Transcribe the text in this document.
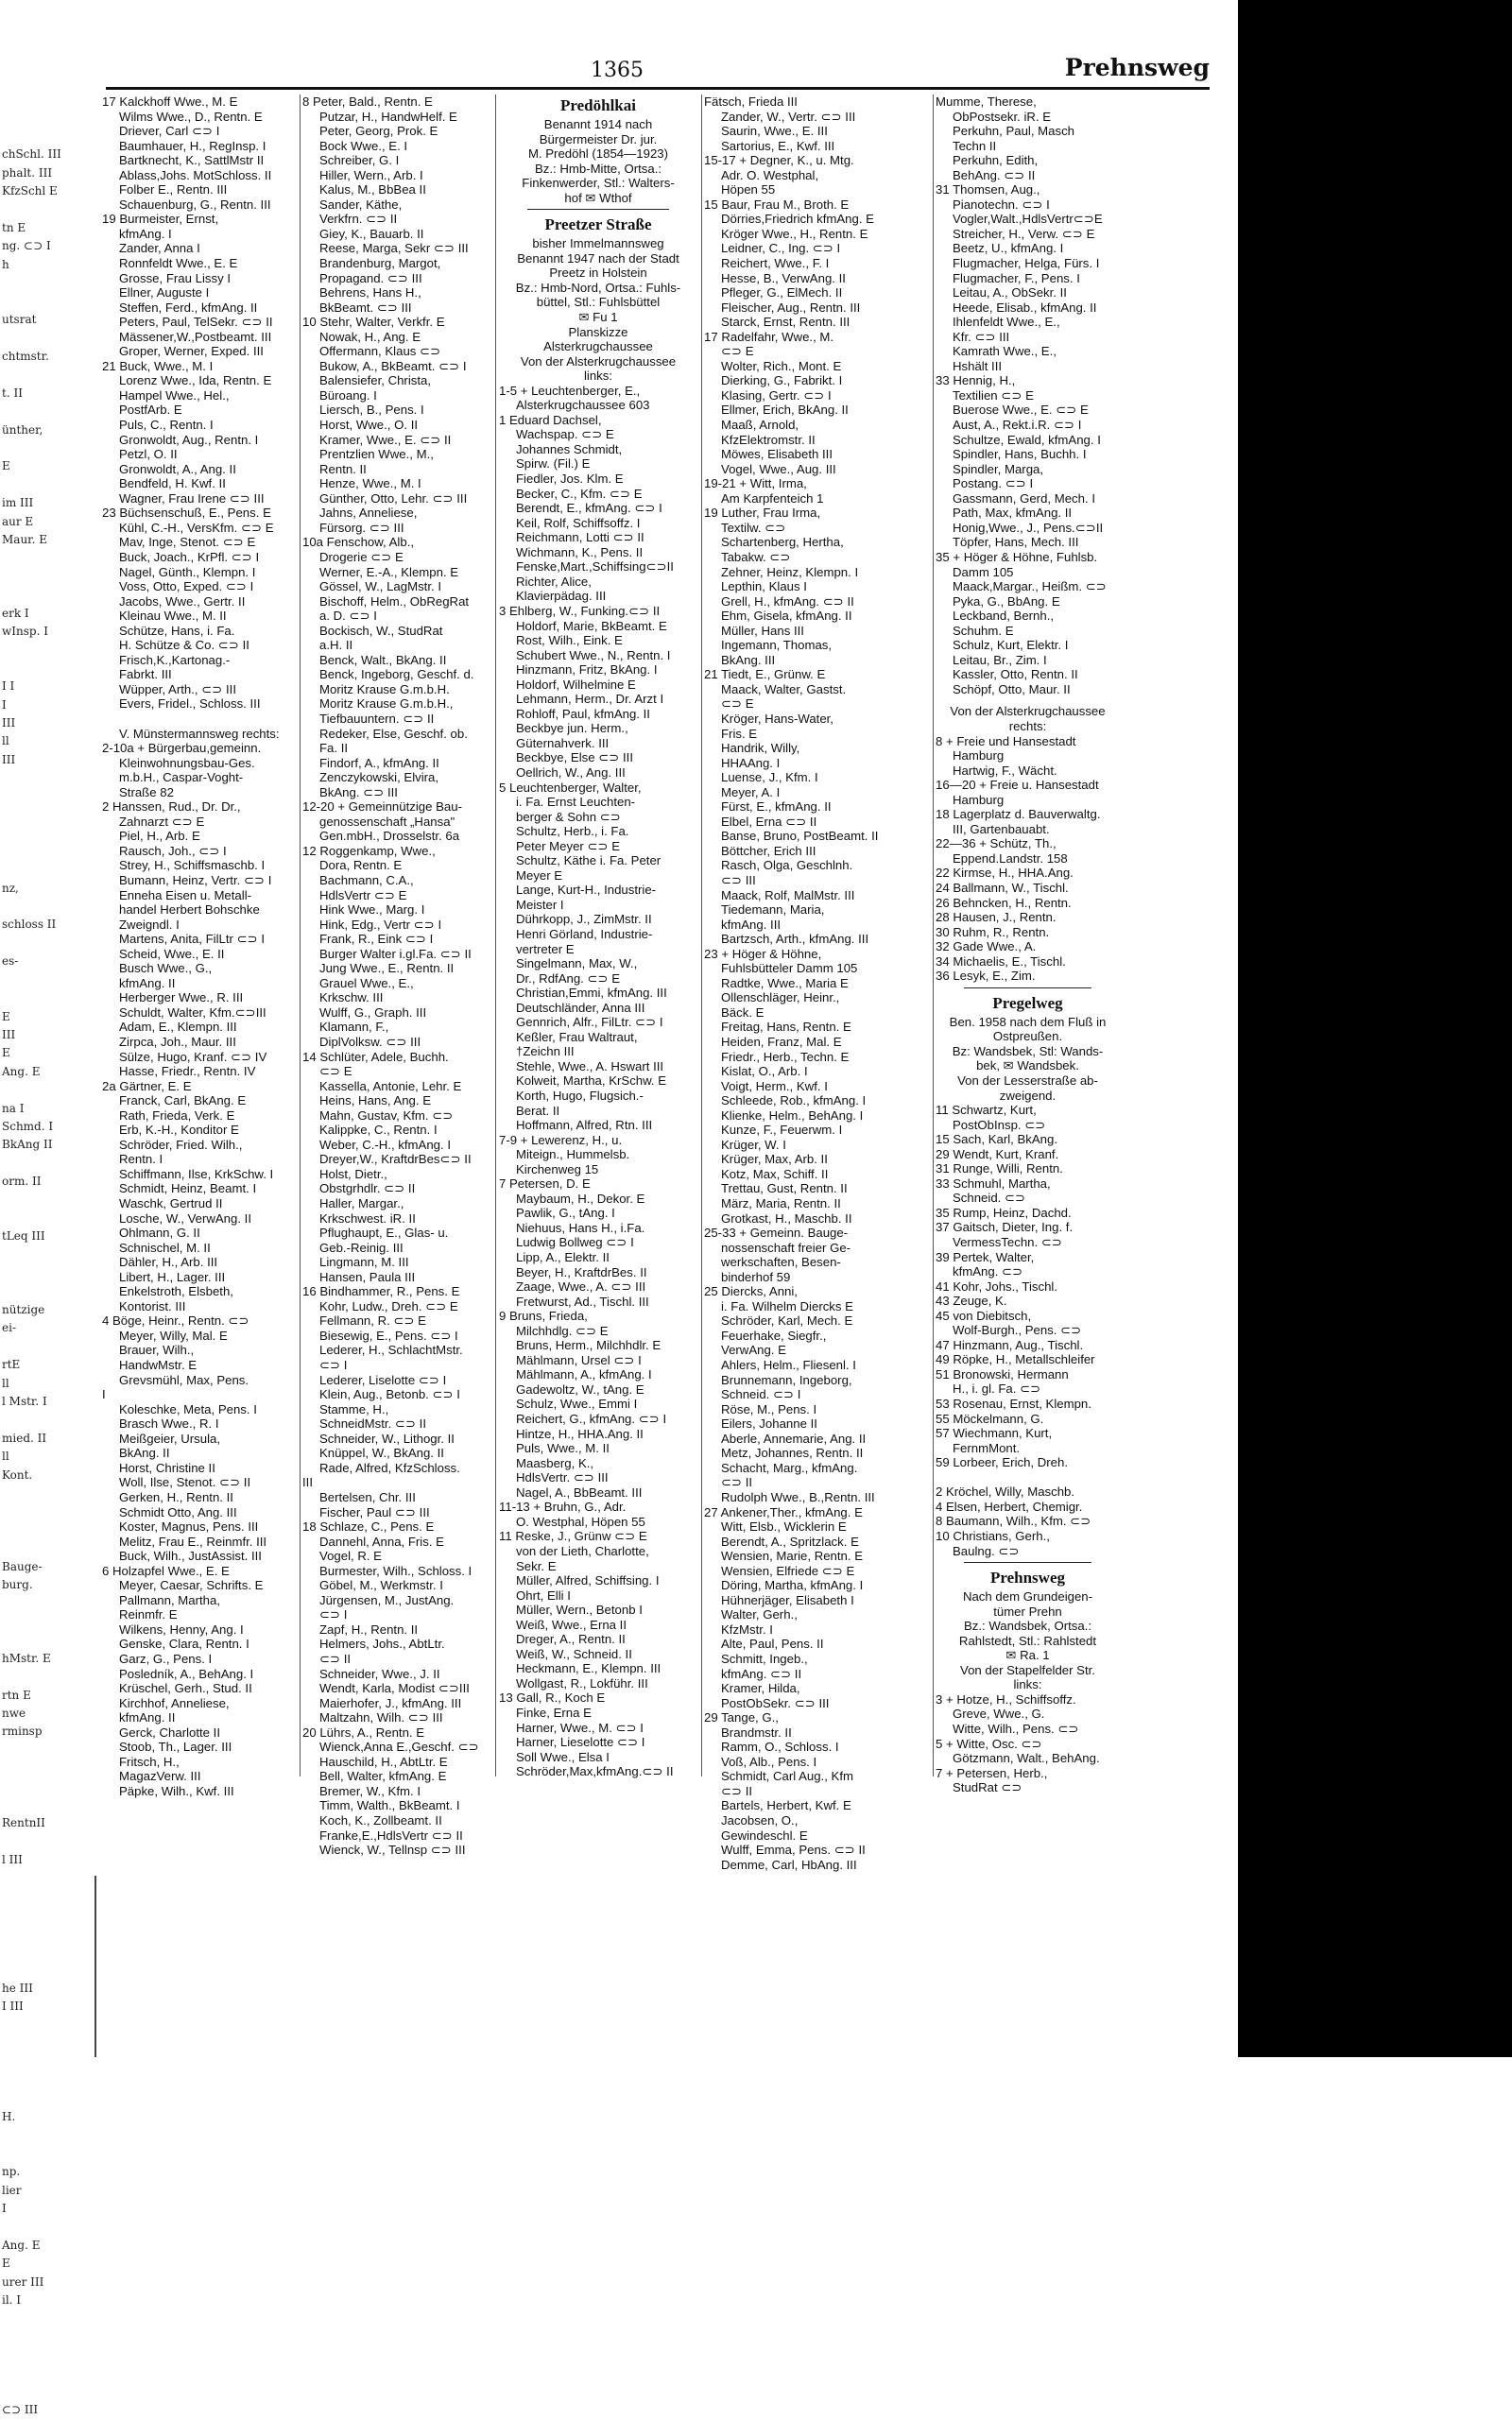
chSchl. III
phalt. III
KfzSchl E

tn E
ng. ⊂⊃ I
h

utsrat

chtmstr.

t. II

ünther,

E

im III
aur E
Maur. E

erk I
wInsp. I

I I
I
III
ll
III

nz,

schloss II

es-

E
III
E
Ang. E

na I
Schmd. I
BkAng II

orm. II

tLeq III

nützige
ei-

rtE
ll
l Mstr. I

mied. II
ll
Kont.

Bauge-
burg.

hMstr. E

rtn E
nwe
rminsp

RentnII

l III

he III
I III

H.

np.
lier
I

Ang. E
E
urer III
il. I

⊂⊃ III
1365	Prehnsweg
17 Kalckhoff Wwe., M. E
Wilms Wwe., D., Rentn. E
Driever, Carl ⊂⊃ I
Baumhauer, H., RegInsp. I
Bartknecht, K., SattlMstr II
Ablass,Johs. MotSchloss. II
Folber E., Rentn. III
Schauenburg, G., Rentn. III
19 Burmeister, Ernst,
kfmAng. I
Zander, Anna I
Ronnfeldt Wwe., E. E
Grosse, Frau Lissy I
Ellner, Auguste I
Steffen, Ferd., kfmAng. II
Peters, Paul, TelSekr. ⊂⊃ II
Mässener,W.,Postbeamt. III
Groper, Werner, Exped. III
21 Buck, Wwe., M. I
Lorenz Wwe., Ida, Rentn. E
Hampel Wwe., Hel.,
PostfArb. E
Puls, C., Rentn. I
Gronwoldt, Aug., Rentn. I
Petzl, O. II
Gronwoldt, A., Ang. II
Bendfeld, H. Kwf. II
Wagner, Frau Irene ⊂⊃ III
23 Büchsenschuß, E., Pens. E
Kühl, C.-H., VersKfm. ⊂⊃ E
Mav, Inge, Stenot. ⊂⊃ E
Buck, Joach., KrPfl. ⊂⊃ I
Nagel, Günth., Klempn. I
Voss, Otto, Exped. ⊂⊃ I
Jacobs, Wwe., Gertr. II
Kleinau Wwe., M. II
Schütze, Hans, i. Fa.
H. Schütze & Co. ⊂⊃ II
Frisch,K.,Kartonag.-
Fabrkt. III
Wüpper, Arth., ⊂⊃ III
Evers, Fridel., Schloss. III

V. Münstermannsweg rechts:
2-10a + Bürgerbau,gemeinn.
Kleinwohnungsbau-Ges.
m.b.H., Caspar-Voght-
Straße 82
2 Hanssen, Rud., Dr. Dr.,
Zahnarzt ⊂⊃ E
Piel, H., Arb. E
Rausch, Joh., ⊂⊃ I
Strey, H., Schiffsmaschb. I
Bumann, Heinz, Vertr. ⊂⊃ I
Enneha Eisen u. Metall-
handel Herbert Bohschke
Zweigndl. I
Martens, Anita, FilLtr ⊂⊃ I
Scheid, Wwe., E. II
Busch Wwe., G.,
kfmAng. II
Herberger Wwe., R. III
Schuldt, Walter, Kfm.⊂⊃III
Adam, E., Klempn. III
Zirpca, Joh., Maur. III
Sülze, Hugo, Kranf. ⊂⊃ IV
Hasse, Friedr., Rentn. IV
2a Gärtner, E. E
Franck, Carl, BkAng. E
Rath, Frieda, Verk. E
Erb, K.-H., Konditor E
Schröder, Fried. Wilh.,
Rentn. I
Schiffmann, Ilse, KrkSchw. I
Schmidt, Heinz, Beamt. I
Waschk, Gertrud II
Losche, W., VerwAng. II
Ohlmann, G. II
Schnischel, M. II
Dähler, H., Arb. III
Libert, H., Lager. III
Enkelstroth, Elsbeth,
Kontorist. III
4 Böge, Heinr., Rentn. ⊂⊃
Meyer, Willy, Mal. E
Brauer, Wilh.,
HandwMstr. E
Grevsmühl, Max, Pens.
I
Koleschke, Meta, Pens. I
Brasch Wwe., R. I
Meißgeier, Ursula,
BkAng. II
Horst, Christine II
Woll, Ilse, Stenot. ⊂⊃ II
Gerken, H., Rentn. II
Schmidt Otto, Ang. III
Koster, Magnus, Pens. III
Melitz, Frau E., Reinmfr. III
Buck, Wilh., JustAssist. III
6 Holzapfel Wwe., E. E
Meyer, Caesar, Schrifts. E
Pallmann, Martha,
Reinmfr. E
Wilkens, Henny, Ang. I
Genske, Clara, Rentn. I
Garz, G., Pens. I
Posledník, A., BehAng. I
Krüschel, Gerh., Stud. II
Kirchhof, Anneliese,
kfmAng. II
Gerck, Charlotte II
Stoob, Th., Lager. III
Fritsch, H.,
MagazVerw. III
Päpke, Wilh., Kwf. III
8 Peter, Bald., Rentn. E
Putzar, H., HandwHelf. E
Peter, Georg, Prok. E
Bock Wwe., E. I
Schreiber, G. I
Hiller, Wern., Arb. I
Kalus, M., BbBea II
Sander, Käthe,
Verkfrn. ⊂⊃ II
Giey, K., Bauarb. II
Reese, Marga, Sekr ⊂⊃ III
Brandenburg, Margot,
Propagand. ⊂⊃ III
Behrens, Hans H.,
BkBeamt. ⊂⊃ III
10 Stehr, Walter, Verkfr. E
Nowak, H., Ang. E
Offermann, Klaus ⊂⊃
Bukow, A., BkBeamt. ⊂⊃ I
Balensiefer, Christa,
Büroang. I
Liersch, B., Pens. I
Horst, Wwe., O. II
Kramer, Wwe., E. ⊂⊃ II
Prentzlien Wwe., M.,
Rentn. II
Henze, Wwe., M. I
Günther, Otto, Lehr. ⊂⊃ III
Jahns, Anneliese,
Fürsorg. ⊂⊃ III
10a Fenschow, Alb.,
Drogerie ⊂⊃ E
Werner, E.-A., Klempn. E
Gössel, W., LagMstr. I
Bischoff, Helm., ObRegRat
a. D. ⊂⊃ I
Bockisch, W., StudRat
a.H. II
Benck, Walt., BkAng. II
Benck, Ingeborg, Geschf. d.
Moritz Krause G.m.b.H.
Moritz Krause G.m.b.H.,
Tiefbauuntern. ⊂⊃ II
Redeker, Else, Geschf. ob.
Fa. II
Findorf, A., kfmAng. II
Zenczykowski, Elvira,
BkAng. ⊂⊃ III
12-20 + Gemeinnützige Bau-
genossenschaft „Hansa"
Gen.mbH., Drosselstr. 6a
12 Roggenkamp, Wwe.,
Dora, Rentn. E
Bachmann, C.A.,
HdlsVertr ⊂⊃ E
Hink Wwe., Marg. I
Hink, Edg., Vertr ⊂⊃ I
Frank, R., Eink ⊂⊃ I
Burger Walter i.gl.Fa. ⊂⊃ II
Jung Wwe., E., Rentn. II
Grauel Wwe., E.,
Krkschw. III
Wulff, G., Graph. III
Klamann, F.,
DiplVolksw. ⊂⊃ III
14 Schlüter, Adele, Buchh.
⊂⊃ E
Kassella, Antonie, Lehr. E
Heins, Hans, Ang. E
Mahn, Gustav, Kfm. ⊂⊃
Kalippke, C., Rentn. I
Weber, C.-H., kfmAng. I
Dreyer,W., KraftdrBes⊂⊃ II
Holst, Dietr.,
Obstgrhdlr. ⊂⊃ II
Haller, Margar.,
Krkschwest. iR. II
Pflughaupt, E., Glas- u.
Geb.-Reinig. III
Lingmann, M. III
Hansen, Paula III
16 Bindhammer, R., Pens. E
Kohr, Ludw., Dreh. ⊂⊃ E
Fellmann, R. ⊂⊃ E
Biesewig, E., Pens. ⊂⊃ I
Lederer, H., SchlachtMstr.
⊂⊃ I
Lederer, Liselotte ⊂⊃ I
Klein, Aug., Betonb. ⊂⊃ I
Stamme, H.,
SchneidMstr. ⊂⊃ II
Schneider, W., Lithogr. II
Knüppel, W., BkAng. II
Rade, Alfred, KfzSchloss.
III
Bertelsen, Chr. III
Fischer, Paul ⊂⊃ III
18 Schlaze, C., Pens. E
Dannehl, Anna, Fris. E
Vogel, R. E
Burmester, Wilh., Schloss. I
Göbel, M., Werkmstr. I
Jürgensen, M., JustAng.
⊂⊃ I
Zapf, H., Rentn. II
Helmers, Johs., AbtLtr.
⊂⊃ II
Schneider, Wwe., J. II
Wendt, Karla, Modist ⊂⊃III
Maierhofer, J., kfmAng. III
Maltzahn, Wilh. ⊂⊃ III
20 Lührs, A., Rentn. E
Wienck,Anna E.,Geschf. ⊂⊃
Hauschild, H., AbtLtr. E
Bell, Walter, kfmAng. E
Bremer, W., Kfm. I
Timm, Walth., BkBeamt. I
Koch, K., Zollbeamt. II
Franke,E.,HdlsVertr ⊂⊃ II
Wienck, W., Tellnsp ⊂⊃ III
Predöhlkai
Benannt 1914 nach
Bürgermeister Dr. jur.
M. Predöhl (1854—1923)
Bz.: Hmb-Mitte, Ortsa.:
Finkenwerder, Stl.: Walters-
hof ✉ Wthof
Preetzer Straße
bisher Immelmannsweg
Benannt 1947 nach der Stadt
Preetz in Holstein
Bz.: Hmb-Nord, Ortsa.: Fuhls-
büttel, Stl.: Fuhlsbüttel
✉ Fu 1
Planskizze
Alsterkrugchaussee
Von der Alsterkrugchaussee
links:
1-5 + Leuchtenberger, E.,
Alsterkrugchaussee 603
1 Eduard Dachsel,
Wachspap. ⊂⊃ E
Johannes Schmidt,
Spirw. (Fil.) E
Fiedler, Jos. Klm. E
Becker, C., Kfm. ⊂⊃ E
Berendt, E., kfmAng. ⊂⊃ I
Keil, Rolf, Schiffsoffz. I
Reichmann, Lotti ⊂⊃ II
Wichmann, K., Pens. II
Fenske,Mart.,Schiffsing⊂⊃II
Richter, Alice,
Klavierpädag. III
3 Ehlberg, W., Funking.⊂⊃ II
Holdorf, Marie, BkBeamt. E
Rost, Wilh., Eink. E
Schubert Wwe., N., Rentn. I
Hinzmann, Fritz, BkAng. I
Holdorf, Wilhelmine E
Lehmann, Herm., Dr. Arzt I
Rohloff, Paul, kfmAng. II
Beckbye jun. Herm.,
Güternahverk. III
Beckbye, Else ⊂⊃ III
Oellrich, W., Ang. III
5 Leuchtenberger, Walter,
i. Fa. Ernst Leuchten-
berger & Sohn ⊂⊃
Schultz, Herb., i. Fa.
Peter Meyer ⊂⊃ E
Schultz, Käthe i. Fa. Peter
Meyer E
Lange, Kurt-H., Industrie-
Meister I
Dührkopp, J., ZimMstr. II
Henri Görland, Industrie-
vertreter E
Singelmann, Max, W.,
Dr., RdfAng. ⊂⊃ E
Christian,Emmi, kfmAng. III
Deutschländer, Anna III
Gennrich, Alfr., FilLtr. ⊂⊃ I
Keßler, Frau Waltraut,
†Zeichn III
Stehle, Wwe., A. Hswart III
Kolweit, Martha, KrSchw. E
Korth, Hugo, Flugsich.-
Berat. II
Hoffmann, Alfred, Rtn. III
7-9 + Lewerenz, H., u.
Miteign., Hummelsb.
Kirchenweg 15
7 Petersen, D. E
Maybaum, H., Dekor. E
Pawlik, G., tAng. I
Niehuus, Hans H., i.Fa.
Ludwig Bollweg ⊂⊃ I
Lipp, A., Elektr. II
Beyer, H., KraftdrBes. II
Zaage, Wwe., A. ⊂⊃ III
Fretwurst, Ad., Tischl. III
9 Bruns, Frieda,
Milchhdlg. ⊂⊃ E
Bruns, Herm., Milchhdlr. E
Mählmann, Ursel ⊂⊃ I
Mählmann, A., kfmAng. I
Gadewoltz, W., tAng. E
Schulz, Wwe., Emmi I
Reichert, G., kfmAng. ⊂⊃ I
Hintze, H., HHA.Ang. II
Puls, Wwe., M. II
Maasberg, K.,
HdlsVertr. ⊂⊃ III
Nagel, A., BbBeamt. III
11-13 + Bruhn, G., Adr.
O. Westphal, Höpen 55
11 Reske, J., Grünw ⊂⊃ E
von der Lieth, Charlotte,
Sekr. E
Müller, Alfred, Schiffsing. I
Ohrt, Elli I
Müller, Wern., Betonb I
Weiß, Wwe., Erna II
Dreger, A., Rentn. II
Weiß, W., Schneid. II
Heckmann, E., Klempn. III
Wollgast, R., Lokführ. III
13 Gall, R., Koch E
Finke, Erna E
Harner, Wwe., M. ⊂⊃ I
Harner, Lieselotte ⊂⊃ I
Soll Wwe., Elsa I
Schröder,Max,kfmAng.⊂⊃ II
Fätsch, Frieda III
Zander, W., Vertr. ⊂⊃ III
Saurin, Wwe., E. III
Sartorius, E., Kwf. III
15-17 + Degner, K., u. Mtg.
Adr. O. Westphal,
Höpen 55
15 Baur, Frau M., Broth. E
Dörries,Friedrich kfmAng. E
Kröger Wwe., H., Rentn. E
Leidner, C., Ing. ⊂⊃ I
Reichert, Wwe., F. I
Hesse, B., VerwAng. II
Pfleger, G., ElMech. II
Fleischer, Aug., Rentn. III
Starck, Ernst, Rentn. III
17 Radelfahr, Wwe., M.
⊂⊃ E
Wolter, Rich., Mont. E
Dierking, G., Fabrikt. I
Klasing, Gertr. ⊂⊃ I
Ellmer, Erich, BkAng. II
Maaß, Arnold,
KfzElektromstr. II
Möwes, Elisabeth III
Vogel, Wwe., Aug. III
19-21 + Witt, Irma,
Am Karpfenteich 1
19 Luther, Frau Irma,
Textilw. ⊂⊃
Schartenberg, Hertha,
Tabakw. ⊂⊃
Zehner, Heinz, Klempn. I
Lepthin, Klaus I
Grell, H., kfmAng. ⊂⊃ II
Ehm, Gisela, kfmAng. II
Müller, Hans III
Ingemann, Thomas,
BkAng. III
21 Tiedt, E., Grünw. E
Maack, Walter, Gastst.
⊂⊃ E
Kröger, Hans-Water,
Fris. E
Handrik, Willy,
HHAAng. I
Luense, J., Kfm. I
Meyer, A. I
Fürst, E., kfmAng. II
Elbel, Erna ⊂⊃ II
Banse, Bruno, PostBeamt. II
Böttcher, Erich III
Rasch, Olga, Geschlnh.
⊂⊃ III
Maack, Rolf, MalMstr. III
Tiedemann, Maria,
kfmAng. III
Bartzsch, Arth., kfmAng. III
23 + Höger & Höhne,
Fuhlsbütteler Damm 105
Radtke, Wwe., Maria E
Ollenschläger, Heinr.,
Bäck. E
Freitag, Hans, Rentn. E
Heiden, Franz, Mal. E
Friedr., Herb., Techn. E
Kislat, O., Arb. I
Voigt, Herm., Kwf. I
Schleede, Rob., kfmAng. I
Klienke, Helm., BehAng. I
Kunze, F., Feuerwm. I
Krüger, W. I
Krüger, Max, Arb. II
Kotz, Max, Schiff. II
Trettau, Gust, Rentn. II
März, Maria, Rentn. II
Grotkast, H., Maschb. II
25-33 + Gemeinn. Bauge-
nossenschaft freier Ge-
werkschaften, Besen-
binderhof 59
25 Diercks, Anni,
i. Fa. Wilhelm Diercks E
Schröder, Karl, Mech. E
Feuerhake, Siegfr.,
VerwAng. E
Ahlers, Helm., Fliesenl. I
Brunnemann, Ingeborg,
Schneid. ⊂⊃ I
Röse, M., Pens. I
Eilers, Johanne II
Aberle, Annemarie, Ang. II
Metz, Johannes, Rentn. II
Schacht, Marg., kfmAng.
⊂⊃ II
Rudolph Wwe., B.,Rentn. III
27 Ankener,Ther., kfmAng. E
Witt, Elsb., Wicklerin E
Berendt, A., Spritzlack. E
Wensien, Marie, Rentn. E
Wensien, Elfriede ⊂⊃ E
Döring, Martha, kfmAng. I
Hühnerjäger, Elisabeth I
Walter, Gerh.,
KfzMstr. I
Alte, Paul, Pens. II
Schmitt, Ingeb.,
kfmAng. ⊂⊃ II
Kramer, Hilda,
PostObSekr. ⊂⊃ III
29 Tange, G.,
Brandmstr. II
Ramm, O., Schloss. I
Voß, Alb., Pens. I
Schmidt, Carl Aug., Kfm
⊂⊃ II
Bartels, Herbert, Kwf. E
Jacobsen, O.,
Gewindeschl. E
Wulff, Emma, Pens. ⊂⊃ II
Demme, Carl, HbAng. III
Mumme, Therese,
ObPostsekr. iR. E
Perkuhn, Paul, Masch
Techn II
Perkuhn, Edith,
BehAng. ⊂⊃ II
31 Thomsen, Aug.,
Pianotechn. ⊂⊃ I
Vogler,Walt.,HdlsVertr⊂⊃E
Streicher, H., Verw. ⊂⊃ E
Beetz, U., kfmAng. I
Flugmacher, Helga, Fürs. I
Flugmacher, F., Pens. I
Leitau, A., ObSekr. II
Heede, Elisab., kfmAng. II
Ihlenfeldt Wwe., E.,
Kfr. ⊂⊃ III
Kamrath Wwe., E.,
Hshält III
33 Hennig, H.,
Textilien ⊂⊃ E
Buerose Wwe., E. ⊂⊃ E
Aust, A., Rekt.i.R. ⊂⊃ I
Schultze, Ewald, kfmAng. I
Spindler, Hans, Buchh. I
Spindler, Marga,
Postang. ⊂⊃ I
Gassmann, Gerd, Mech. I
Path, Max, kfmAng. II
Honig,Wwe., J., Pens.⊂⊃II
Töpfer, Hans, Mech. III
35 + Höger & Höhne, Fuhlsb.
Damm 105
Maack,Margar., Heißm. ⊂⊃
Pyka, G., BbAng. E
Leckband, Bernh.,
Schuhm. E
Schulz, Kurt, Elektr. I
Leitau, Br., Zim. I
Kassler, Otto, Rentn. II
Schöpf, Otto, Maur. II
Von der Alsterkrugchaussee rechts:
8 + Freie und Hansestadt
Hamburg
Hartwig, F., Wächt.
16—20 + Freie u. Hansestadt
Hamburg
18 Lagerplatz d. Bauverwaltg.
III, Gartenbauabt.
22—36 + Schütz, Th.,
Eppend.Landstr. 158
22 Kirmse, H., HHA.Ang.
24 Ballmann, W., Tischl.
26 Behncken, H., Rentn.
28 Hausen, J., Rentn.
30 Ruhm, R., Rentn.
32 Gade Wwe., A.
34 Michaelis, E., Tischl.
36 Lesyk, E., Zim.
Pregelweg
Ben. 1958 nach dem Fluß in
Ostpreußen.
Bz: Wandsbek, Stl: Wands-
bek, ✉ Wandsbek.
Von der Lesserstraße ab-
zweigend.
11 Schwartz, Kurt,
PostObInsp. ⊂⊃
15 Sach, Karl, BkAng.
29 Wendt, Kurt, Kranf.
31 Runge, Willi, Rentn.
33 Schmuhl, Martha,
Schneid. ⊂⊃
35 Rump, Heinz, Dachd.
37 Gaitsch, Dieter, Ing. f.
VermessTechn. ⊂⊃
39 Pertek, Walter,
kfmAng. ⊂⊃
41 Kohr, Johs., Tischl.
43 Zeuge, K.
45 von Diebitsch,
Wolf-Burgh., Pens. ⊂⊃
47 Hinzmann, Aug., Tischl.
49 Röpke, H., Metallschleifer
51 Bronowski, Hermann
H., i. gl. Fa. ⊂⊃
53 Rosenau, Ernst, Klempn.
55 Möckelmann, G.
57 Wiechmann, Kurt,
FernmMont.
59 Lorbeer, Erich, Dreh.

2 Kröchel, Willy, Maschb.
4 Elsen, Herbert, Chemigr.
8 Baumann, Wilh., Kfm. ⊂⊃
10 Christians, Gerh.,
Baulng. ⊂⊃
Prehnsweg
Nach dem Grundeigen-
tümer Prehn
Bz.: Wandsbek, Ortsa.:
Rahlstedt, Stl.: Rahlstedt
✉ Ra. 1
Von der Stapelfelder Str.
links:
3 + Hotze, H., Schiffsoffz.
Greve, Wwe., G.
Witte, Wilh., Pens. ⊂⊃
5 + Witte, Osc. ⊂⊃
Götzmann, Walt., BehAng.
7 + Petersen, Herb.,
StudRat ⊂⊃
